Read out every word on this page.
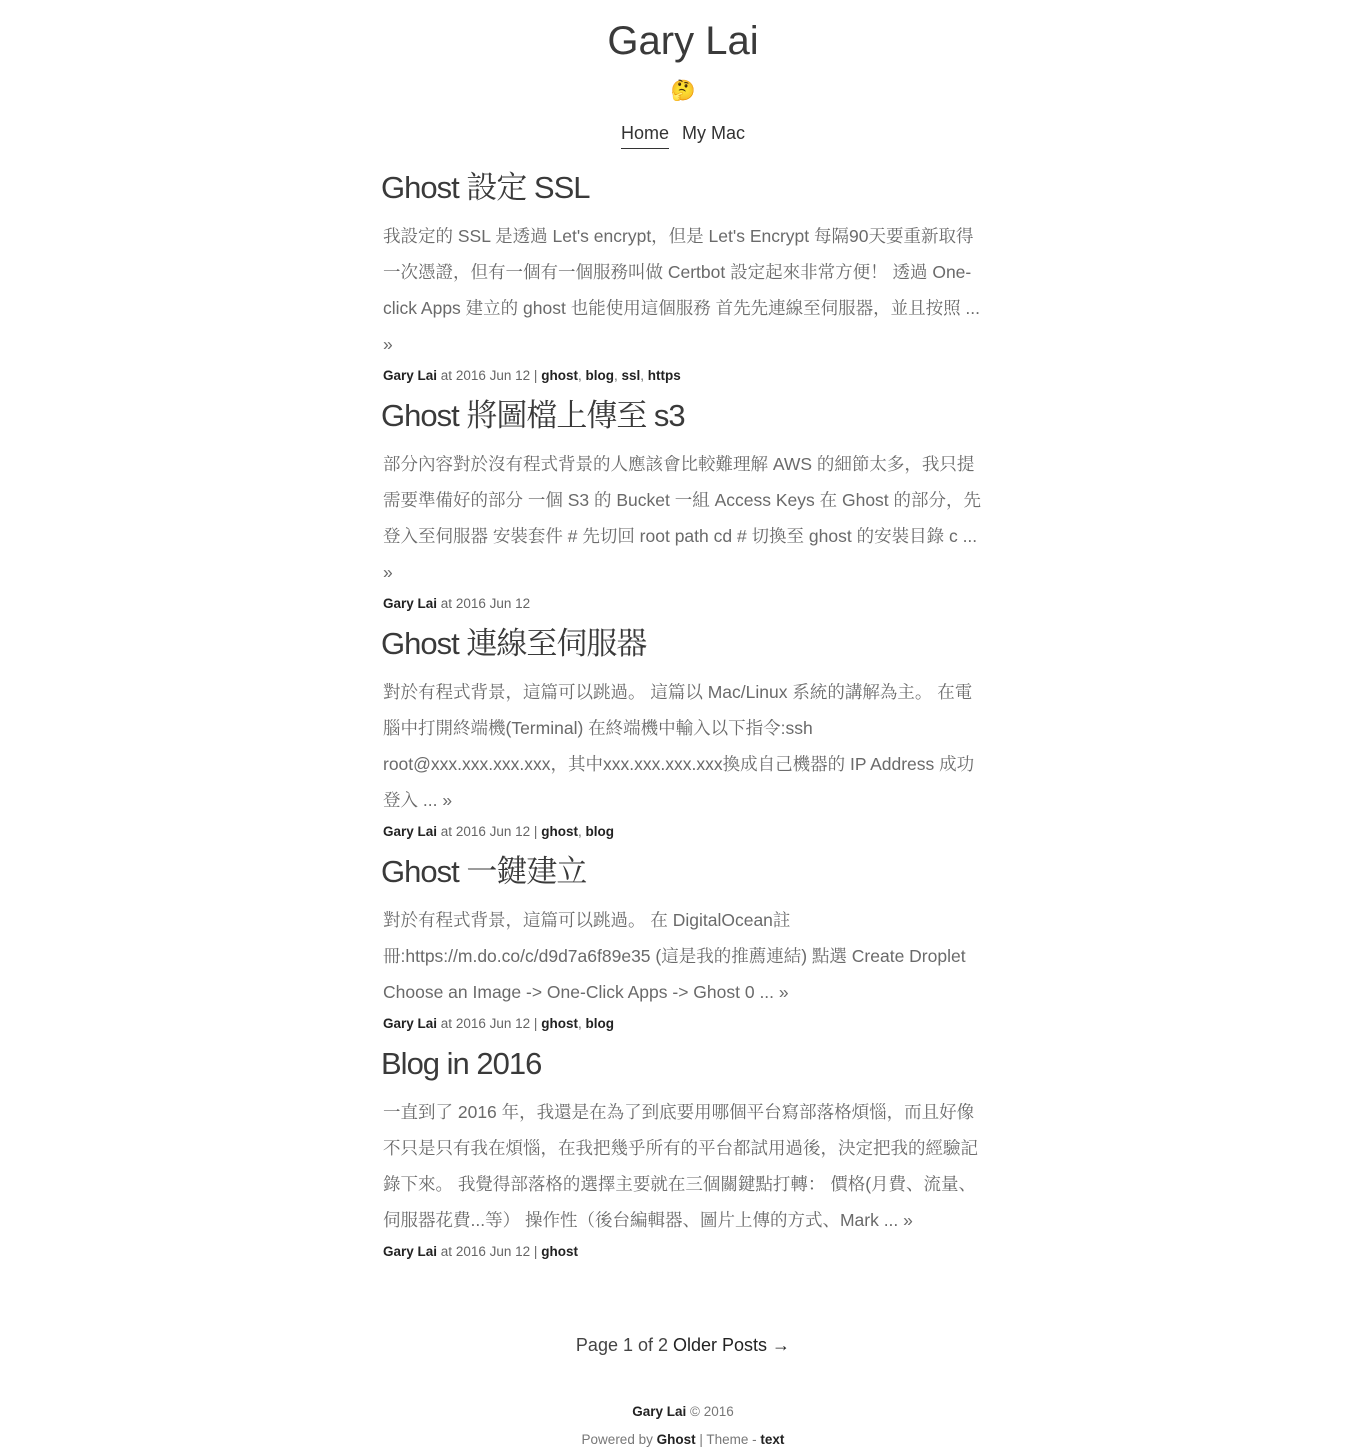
Gary Lai
🤔
Home My Mac
Ghost 設定 SSL

我設定的 SSL 是透過 Let's encrypt，但是 Let's Encrypt 每隔90天要重新取得一次憑證，但有一個有一個服務叫做 Certbot 設定起來非常方便！ 透過 One-click Apps 建立的 ghost 也能使用這個服務 首先先連線至伺服器，並且按照 ... »

Gary Lai at 2016 Jun 12 | ghost, blog, ssl, https
Ghost 將圖檔上傳至 s3

部分內容對於沒有程式背景的人應該會比較難理解 AWS 的細節太多，我只提需要準備好的部分 一個 S3 的 Bucket 一組 Access Keys 在 Ghost 的部分，先登入至伺服器 安裝套件 # 先切回 root path cd # 切換至 ghost 的安裝目錄 c ... »

Gary Lai at 2016 Jun 12
Ghost 連線至伺服器

對於有程式背景，這篇可以跳過。 這篇以 Mac/Linux 系統的講解為主。 在電腦中打開終端機(Terminal) 在終端機中輸入以下指令:ssh root@xxx.xxx.xxx.xxx，其中xxx.xxx.xxx.xxx換成自己機器的 IP Address 成功登入 ... »

Gary Lai at 2016 Jun 12 | ghost, blog
Ghost 一鍵建立

對於有程式背景，這篇可以跳過。 在 DigitalOcean註冊:https://m.do.co/c/d9d7a6f89e35 (這是我的推薦連結) 點選 Create Droplet Choose an Image -> One-Click Apps -> Ghost 0 ... »

Gary Lai at 2016 Jun 12 | ghost, blog
Blog in 2016

一直到了 2016 年，我還是在為了到底要用哪個平台寫部落格煩惱，而且好像不只是只有我在煩惱，在我把幾乎所有的平台都試用過後，決定把我的經驗記錄下來。 我覺得部落格的選擇主要就在三個關鍵點打轉： 價格(月費、流量、伺服器花費...等） 操作性（後台編輯器、圖片上傳的方式、Mark ... »

Gary Lai at 2016 Jun 12 | ghost
Page 1 of 2 Older Posts →
Gary Lai © 2016
Powered by Ghost | Theme - text
